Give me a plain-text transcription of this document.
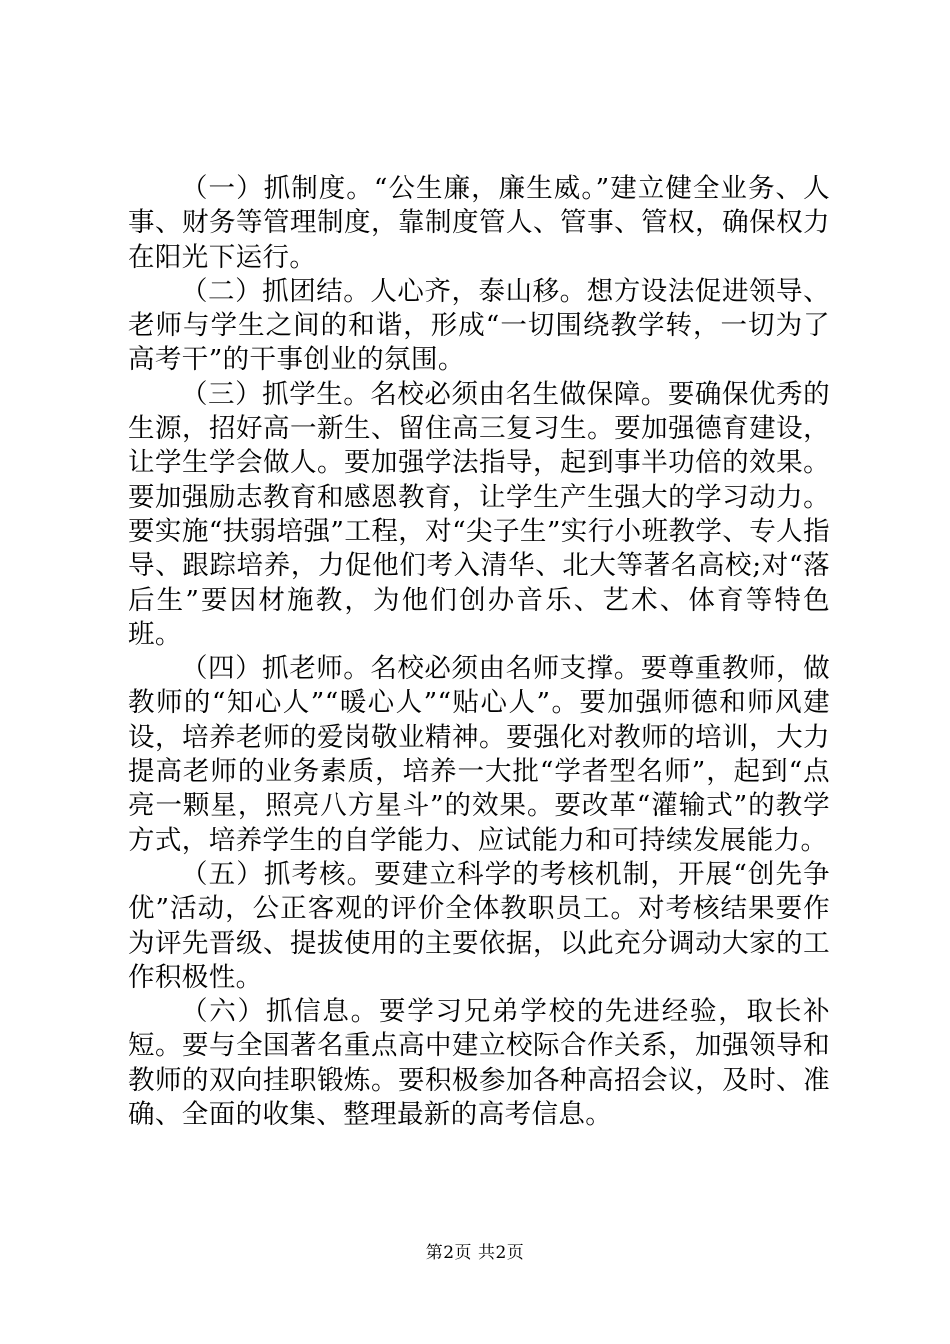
（一）抓制度。“公生廉，廉生威。”建立健全业务、人事、财务等管理制度，靠制度管人、管事、管权，确保权力在阳光下运行。

（二）抓团结。人心齐，泰山移。想方设法促进领导、老师与学生之间的和谐，形成“一切围绕教学转，一切为了高考干”的干事创业的氛围。

（三）抓学生。名校必须由名生做保障。要确保优秀的生源，招好高一新生、留住高三复习生。要加强德育建设，让学生学会做人。要加强学法指导，起到事半功倍的效果。要加强励志教育和感恩教育，让学生产生强大的学习动力。要实施“扶弱培强”工程，对“尖子生”实行小班教学、专人指导、跟踪培养，力促他们考入清华、北大等著名高校;对“落后生”要因材施教，为他们创办音乐、艺术、体育等特色班。

（四）抓老师。名校必须由名师支撑。要尊重教师，做教师的“知心人”“暖心人”“贴心人”。要加强师德和师风建设，培养老师的爱岗敬业精神。要强化对教师的培训，大力提高老师的业务素质，培养一大批“学者型名师”，起到“点亮一颗星，照亮八方星斗”的效果。要改革“灌输式”的教学方式，培养学生的自学能力、应试能力和可持续发展能力。

（五）抓考核。要建立科学的考核机制，开展“创先争优”活动，公正客观的评价全体教职员工。对考核结果要作为评先晋级、提拔使用的主要依据，以此充分调动大家的工作积极性。

（六）抓信息。要学习兄弟学校的先进经验，取长补短。要与全国著名重点高中建立校际合作关系，加强领导和教师的双向挂职锻炼。要积极参加各种高招会议，及时、准确、全面的收集、整理最新的高考信息。

第2页 共2页
